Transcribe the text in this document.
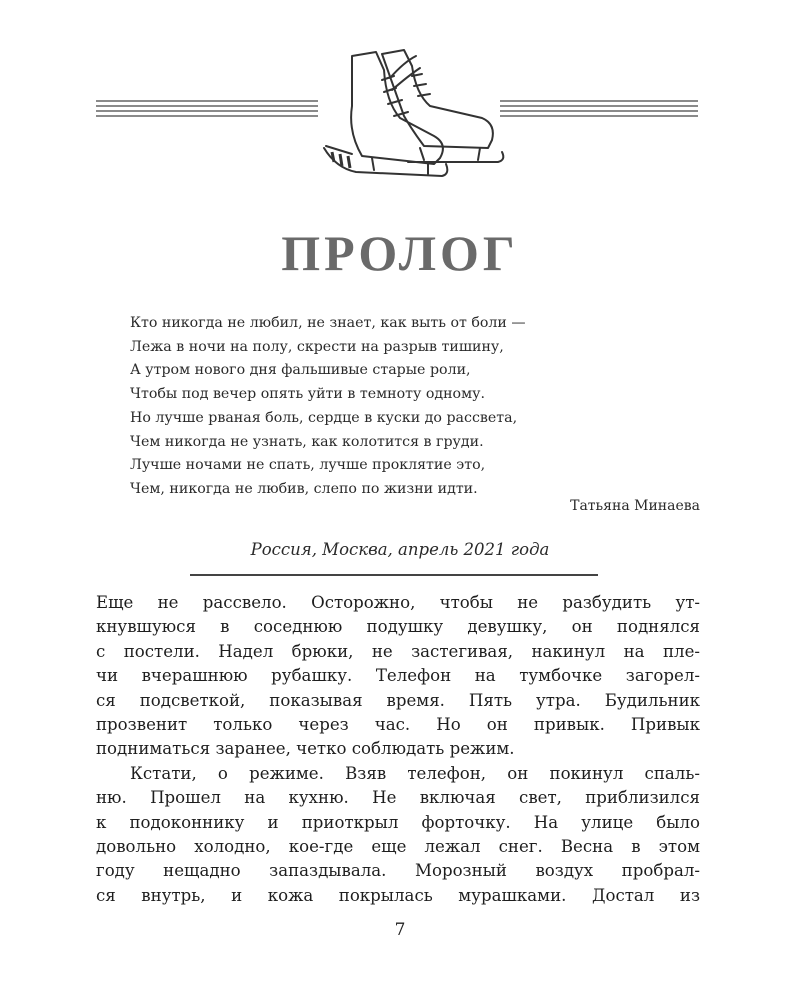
ПРОЛОГ
Кто никогда не любил, не знает, как выть от боли —
Лежа в ночи на полу, скрести на разрыв тишину,
А утром нового дня фальшивые старые роли,
Чтобы под вечер опять уйти в темноту одному.
Но лучше рваная боль, сердце в куски до рассвета,
Чем никогда не узнать, как колотится в груди.
Лучше ночами не спать, лучше проклятие это,
Чем, никогда не любив, слепо по жизни идти.
Татьяна Минаева
Россия, Москва, апрель 2021 года
Еще не рассвело. Осторожно, чтобы не разбудить ут-
кнувшуюся в соседнюю подушку девушку, он поднялся
с постели. Надел брюки, не застегивая, накинул на пле-
чи вчерашнюю рубашку. Телефон на тумбочке загорел-
ся подсветкой, показывая время. Пять утра. Будильник
прозвенит только через час. Но он привык. Привык
подниматься заранее, четко соблюдать режим.
Кстати, о режиме. Взяв телефон, он покинул спаль-
ню. Прошел на кухню. Не включая свет, приблизился
к подоконнику и приоткрыл форточку. На улице было
довольно холодно, кое-где еще лежал снег. Весна в этом
году нещадно запаздывала. Морозный воздух пробрал-
ся внутрь, и кожа покрылась мурашками. Достал из
7
